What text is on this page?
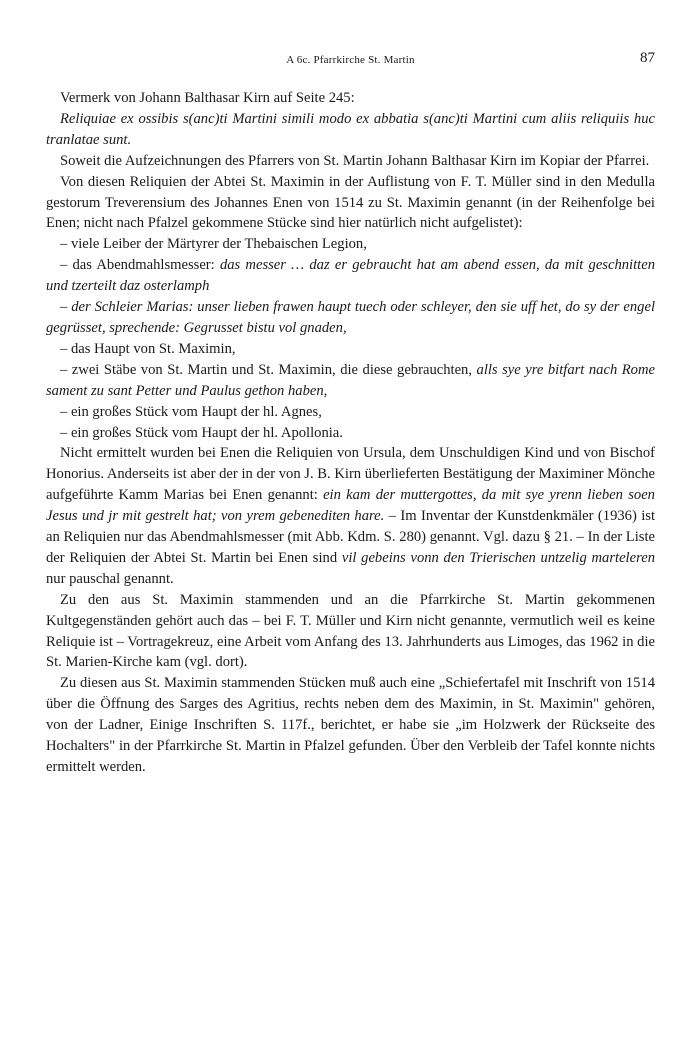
A 6c. Pfarrkirche St. Martin	87

Vermerk von Johann Balthasar Kirn auf Seite 245:

Reliquiae ex ossibis s(anc)ti Martini simili modo ex abbatia s(anc)ti Martini cum aliis reliquiis huc tranlatae sunt.

Soweit die Aufzeichnungen des Pfarrers von St. Martin Johann Balthasar Kirn im Kopiar der Pfarrei.

Von diesen Reliquien der Abtei St. Maximin in der Auflistung von F. T. Müller sind in den Medulla gestorum Treverensium des Johannes Enen von 1514 zu St. Maximin genannt (in der Reihenfolge bei Enen; nicht nach Pfalzel gekommene Stücke sind hier natürlich nicht aufgelistet):

– viele Leiber der Märtyrer der Thebaischen Legion,

– das Abendmahlsmesser: das messer … daz er gebraucht hat am abend essen, da mit geschnitten und tzerteilt daz osterlamph

– der Schleier Marias: unser lieben frawen haupt tuech oder schleyer, den sie uff het, do sy der engel gegrüsset, sprechende: Gegrusset bistu vol gnaden,

– das Haupt von St. Maximin,

– zwei Stäbe von St. Martin und St. Maximin, die diese gebrauchten, alls sye yre bitfart nach Rome sament zu sant Petter und Paulus gethon haben,

– ein großes Stück vom Haupt der hl. Agnes,

– ein großes Stück vom Haupt der hl. Apollonia.

Nicht ermittelt wurden bei Enen die Reliquien von Ursula, dem Unschuldigen Kind und von Bischof Honorius. Anderseits ist aber der in der von J. B. Kirn überlieferten Bestätigung der Maximiner Mönche aufgeführte Kamm Marias bei Enen genannt: ein kam der muttergottes, da mit sye yrenn lieben soen Jesus und jr mit gestrelt hat; von yrem gebenediten hare. – Im Inventar der Kunstdenkmäler (1936) ist an Reliquien nur das Abendmahlsmesser (mit Abb. Kdm. S. 280) genannt. Vgl. dazu § 21. – In der Liste der Reliquien der Abtei St. Martin bei Enen sind vil gebeins vonn den Trierischen untzelig marteleren nur pauschal genannt.

Zu den aus St. Maximin stammenden und an die Pfarrkirche St. Martin gekommenen Kultgegenständen gehört auch das – bei F. T. Müller und Kirn nicht genannte, vermutlich weil es keine Reliquie ist – Vortragekreuz, eine Arbeit vom Anfang des 13. Jahrhunderts aus Limoges, das 1962 in die St. Marien-Kirche kam (vgl. dort).

Zu diesen aus St. Maximin stammenden Stücken muß auch eine „Schiefertafel mit Inschrift von 1514 über die Öffnung des Sarges des Agritius, rechts neben dem des Maximin, in St. Maximin" gehören, von der Ladner, Einige Inschriften S. 117f., berichtet, er habe sie „im Holzwerk der Rückseite des Hochalters" in der Pfarrkirche St. Martin in Pfalzel gefunden. Über den Verbleib der Tafel konnte nichts ermittelt werden.
